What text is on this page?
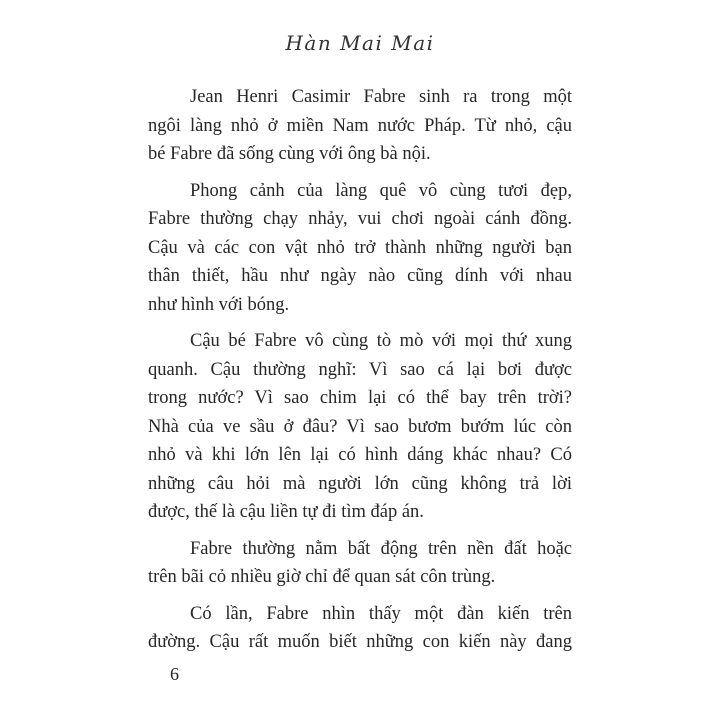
Hàn Mai Mai
Jean Henri Casimir Fabre sinh ra trong một
ngôi làng nhỏ ở miền Nam nước Pháp. Từ nhỏ, cậu
bé Fabre đã sống cùng với ông bà nội.
Phong cảnh của làng quê vô cùng tươi đẹp,
Fabre thường chạy nhảy, vui chơi ngoài cánh đồng.
Cậu và các con vật nhỏ trở thành những người bạn
thân thiết, hầu như ngày nào cũng dính với nhau
như hình với bóng.
Cậu bé Fabre vô cùng tò mò với mọi thứ xung
quanh. Cậu thường nghĩ: Vì sao cá lại bơi được
trong nước? Vì sao chim lại có thể bay trên trời?
Nhà của ve sầu ở đâu? Vì sao bươm bướm lúc còn
nhỏ và khi lớn lên lại có hình dáng khác nhau? Có
những câu hỏi mà người lớn cũng không trả lời
được, thế là cậu liền tự đi tìm đáp án.
Fabre thường nằm bất động trên nền đất hoặc
trên bãi cỏ nhiều giờ chỉ để quan sát côn trùng.
Có lần, Fabre nhìn thấy một đàn kiến trên
đường. Cậu rất muốn biết những con kiến này đang
6
